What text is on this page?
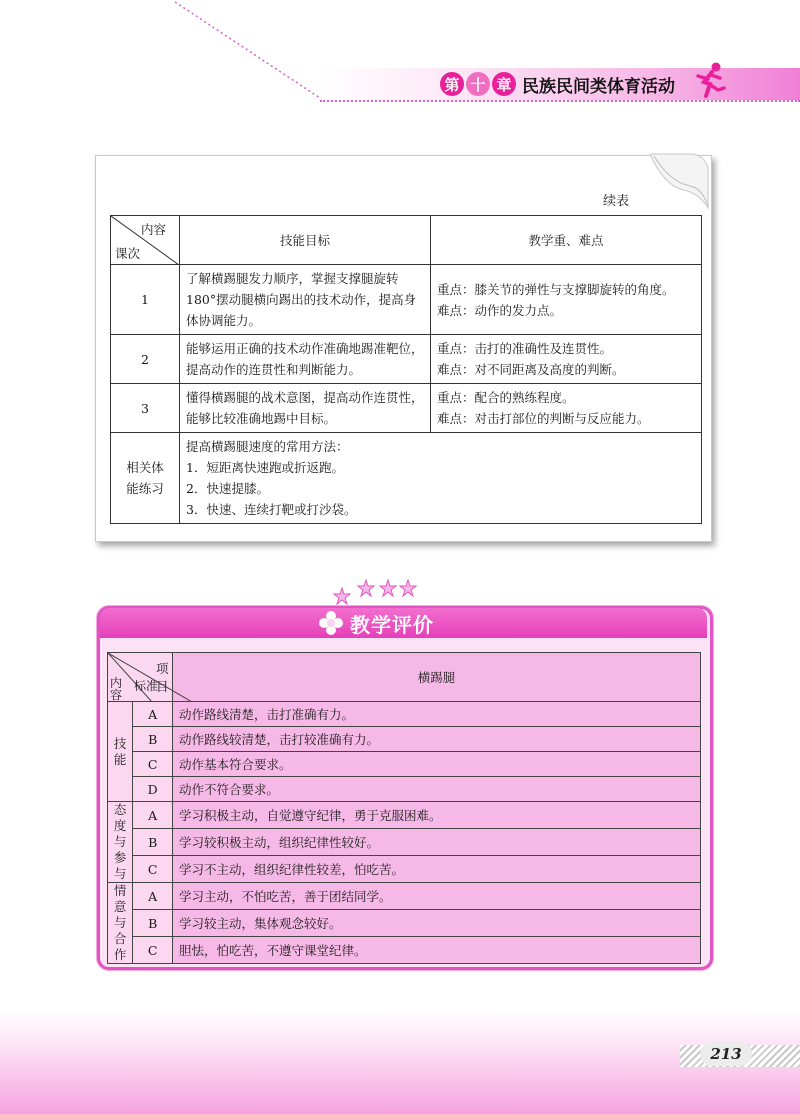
第 十 章 民族民间类体育活动
续表
内容
课次	技能目标	教学重、难点
1	了解横踢腿发力顺序，掌握支撑腿旋转180°摆动腿横向踢出的技术动作，提高身体协调能力。	重点：膝关节的弹性与支撑脚旋转的角度。
难点：动作的发力点。

2	能够运用正确的技术动作准确地踢准靶位，提高动作的连贯性和判断能力。	重点：击打的准确性及连贯性。
难点：对不同距离及高度的判断。

3	懂得横踢腿的战术意图，提高动作连贯性，能够比较准确地踢中目标。	重点：配合的熟练程度。
难点：对击打部位的判断与反应能力。

相关体能练习	提高横踢腿速度的常用方法：
1．短距离快速跑或折返跑。
2．快速提膝。
3．快速、连续打靶或打沙袋。	
教学评价
项目
标准
内容		横踢腿
技能	A	动作路线清楚，击打准确有力。
	B	动作路线较清楚，击打较准确有力。
	C	动作基本符合要求。
	D	动作不符合要求。
态度与参与	A	学习积极主动，自觉遵守纪律，勇于克服困难。
	B	学习较积极主动，组织纪律性较好。
	C	学习不主动，组织纪律性较差，怕吃苦。
情意与合作	A	学习主动，不怕吃苦，善于团结同学。
	B	学习较主动，集体观念较好。
	C	胆怯，怕吃苦，不遵守课堂纪律。
213
